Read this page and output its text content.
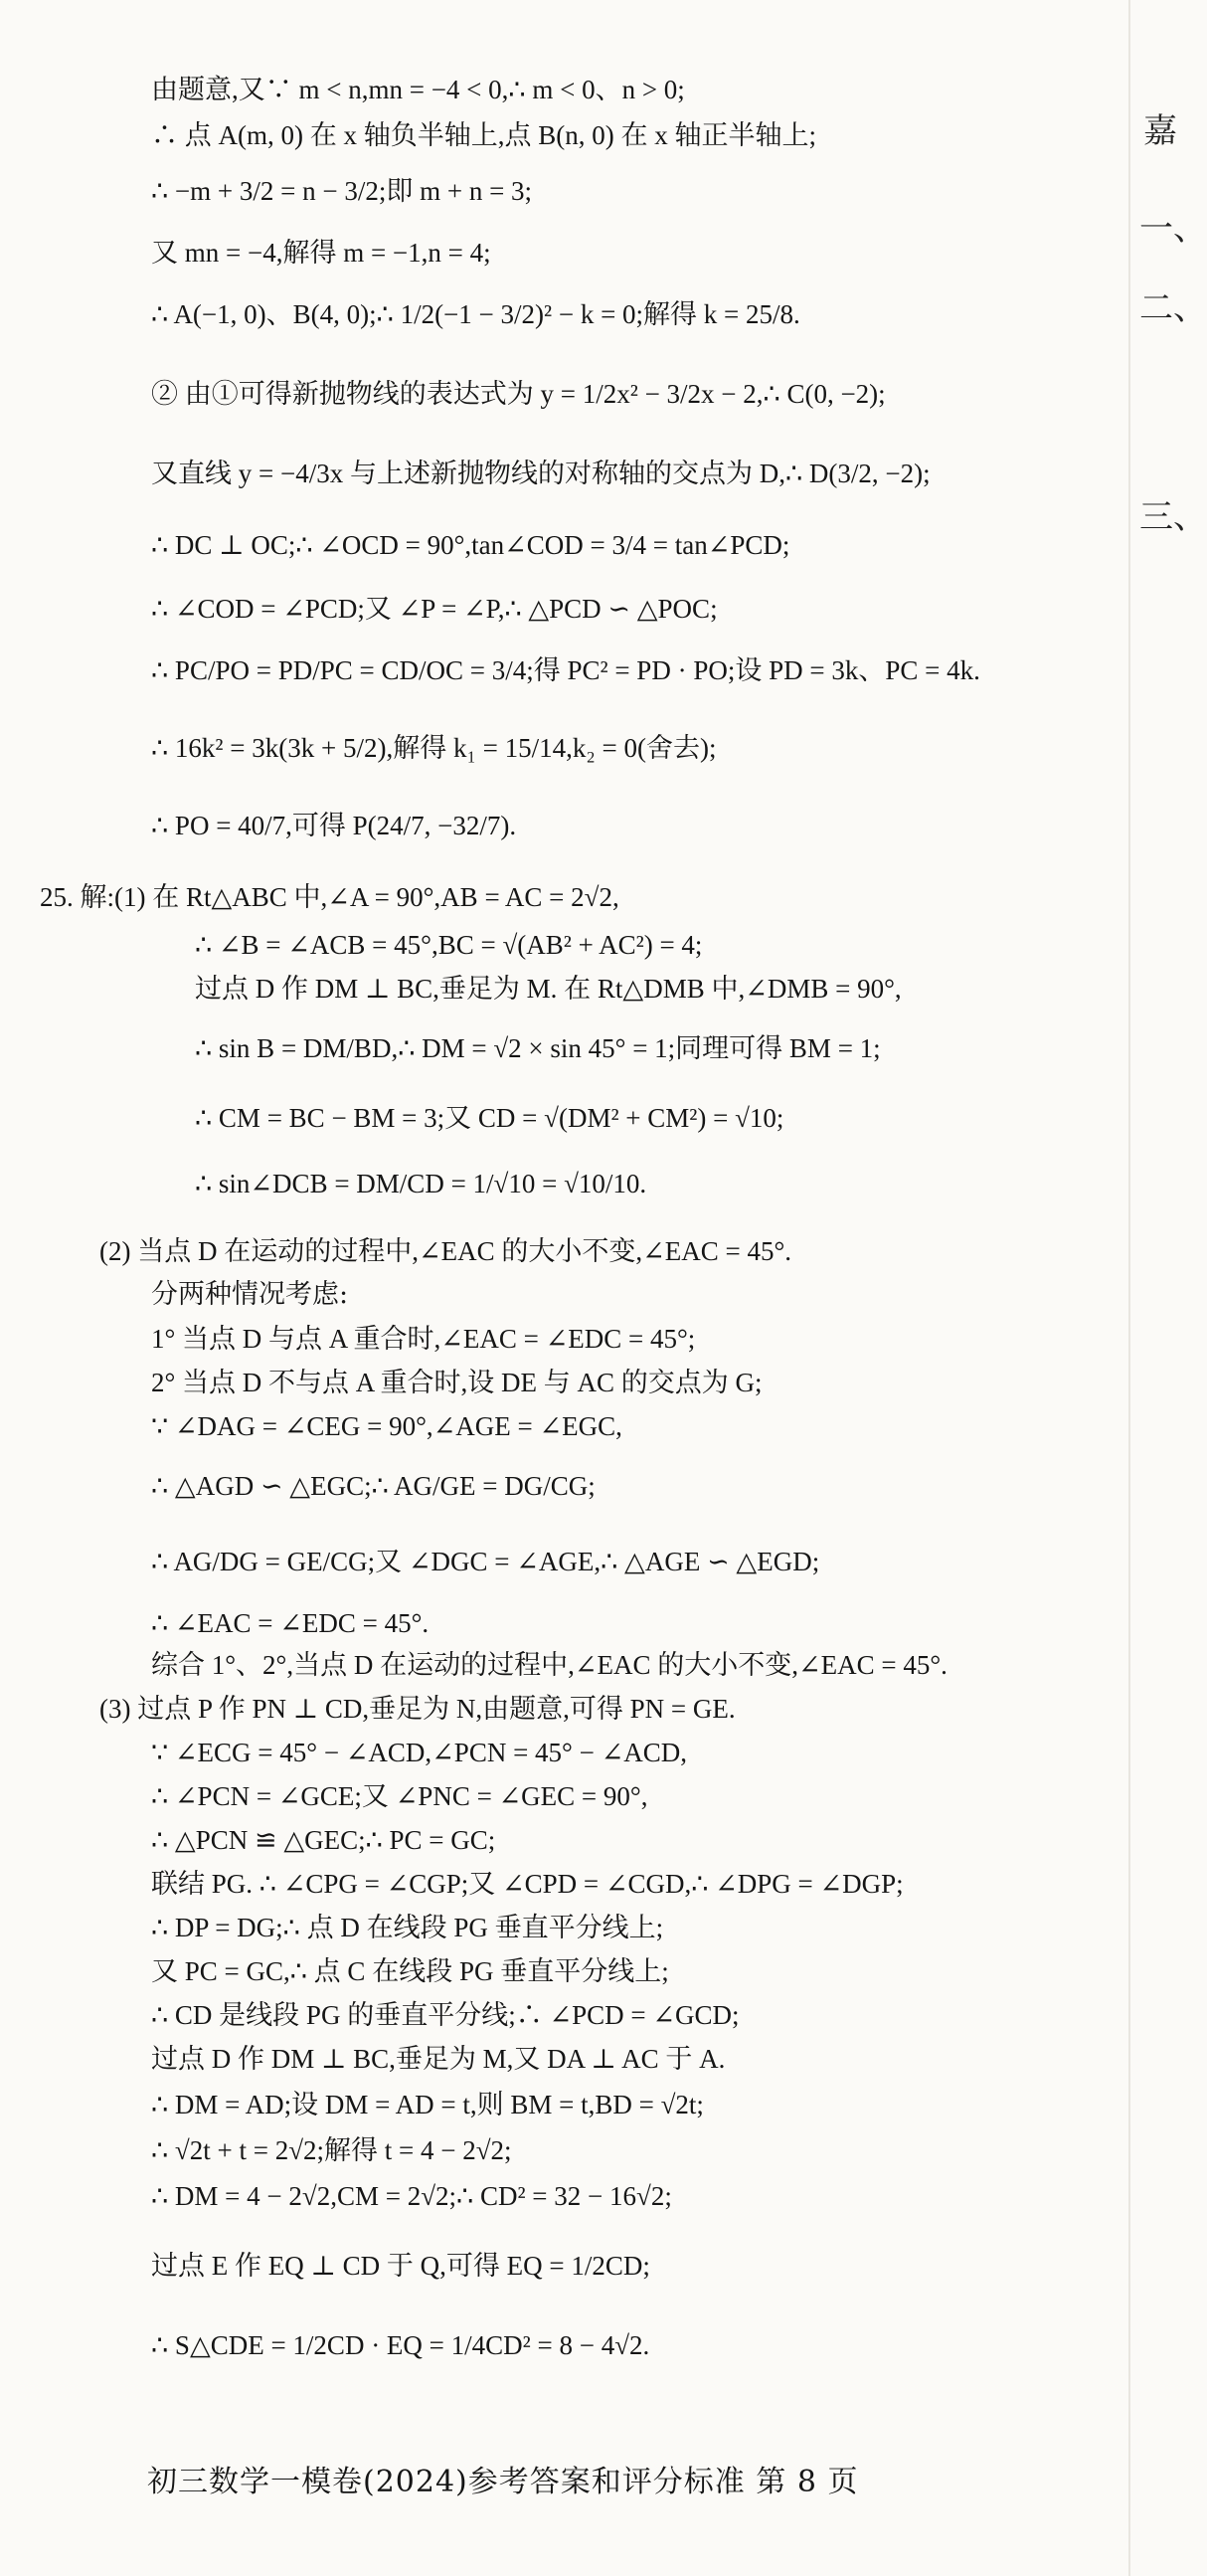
嘉
一、
二、
三、
由题意,又∵ m < n,mn = −4 < 0,∴ m < 0、n > 0;
∴ 点 A(m, 0) 在 x 轴负半轴上,点 B(n, 0) 在 x 轴正半轴上;
∴ −m + 3/2 = n − 3/2;即 m + n = 3;
又 mn = −4,解得 m = −1,n = 4;
∴ A(−1, 0)、B(4, 0);∴ 1/2(−1 − 3/2)² − k = 0;解得 k = 25/8.
② 由①可得新抛物线的表达式为 y = 1/2x² − 3/2x − 2,∴ C(0, −2);
又直线 y = −4/3x 与上述新抛物线的对称轴的交点为 D,∴ D(3/2, −2);
∴ DC ⊥ OC;∴ ∠OCD = 90°,tan∠COD = 3/4 = tan∠PCD;
∴ ∠COD = ∠PCD;又 ∠P = ∠P,∴ △PCD ∽ △POC;
∴ PC/PO = PD/PC = CD/OC = 3/4;得 PC² = PD · PO;设 PD = 3k、PC = 4k.
∴ 16k² = 3k(3k + 5/2),解得 k₁ = 15/14,k₂ = 0(舍去);
∴ PO = 40/7,可得 P(24/7, −32/7).
25. 解:(1) 在 Rt△ABC 中,∠A = 90°,AB = AC = 2√2,
∴ ∠B = ∠ACB = 45°,BC = √(AB² + AC²) = 4;
过点 D 作 DM ⊥ BC,垂足为 M. 在 Rt△DMB 中,∠DMB = 90°,
∴ sin B = DM/BD,∴ DM = √2 × sin 45° = 1;同理可得 BM = 1;
∴ CM = BC − BM = 3;又 CD = √(DM² + CM²) = √10;
∴ sin∠DCB = DM/CD = 1/√10 = √10/10.
(2) 当点 D 在运动的过程中,∠EAC 的大小不变,∠EAC = 45°.
分两种情况考虑:
1° 当点 D 与点 A 重合时,∠EAC = ∠EDC = 45°;
2° 当点 D 不与点 A 重合时,设 DE 与 AC 的交点为 G;
∵ ∠DAG = ∠CEG = 90°,∠AGE = ∠EGC,
∴ △AGD ∽ △EGC;∴ AG/GE = DG/CG;
∴ AG/DG = GE/CG;又 ∠DGC = ∠AGE,∴ △AGE ∽ △EGD;
∴ ∠EAC = ∠EDC = 45°.
综合 1°、2°,当点 D 在运动的过程中,∠EAC 的大小不变,∠EAC = 45°.
(3) 过点 P 作 PN ⊥ CD,垂足为 N,由题意,可得 PN = GE.
∵ ∠ECG = 45° − ∠ACD,∠PCN = 45° − ∠ACD,
∴ ∠PCN = ∠GCE;又 ∠PNC = ∠GEC = 90°,
∴ △PCN ≌ △GEC;∴ PC = GC;
联结 PG. ∴ ∠CPG = ∠CGP;又 ∠CPD = ∠CGD,∴ ∠DPG = ∠DGP;
∴ DP = DG;∴ 点 D 在线段 PG 垂直平分线上;
又 PC = GC,∴ 点 C 在线段 PG 垂直平分线上;
∴ CD 是线段 PG 的垂直平分线;∴ ∠PCD = ∠GCD;
过点 D 作 DM ⊥ BC,垂足为 M,又 DA ⊥ AC 于 A.
∴ DM = AD;设 DM = AD = t,则 BM = t,BD = √2t;
∴ √2t + t = 2√2;解得 t = 4 − 2√2;
∴ DM = 4 − 2√2,CM = 2√2;∴ CD² = 32 − 16√2;
过点 E 作 EQ ⊥ CD 于 Q,可得 EQ = 1/2CD;
∴ S△CDE = 1/2CD · EQ = 1/4CD² = 8 − 4√2.
初三数学一模卷(2024)参考答案和评分标准 第 8 页
